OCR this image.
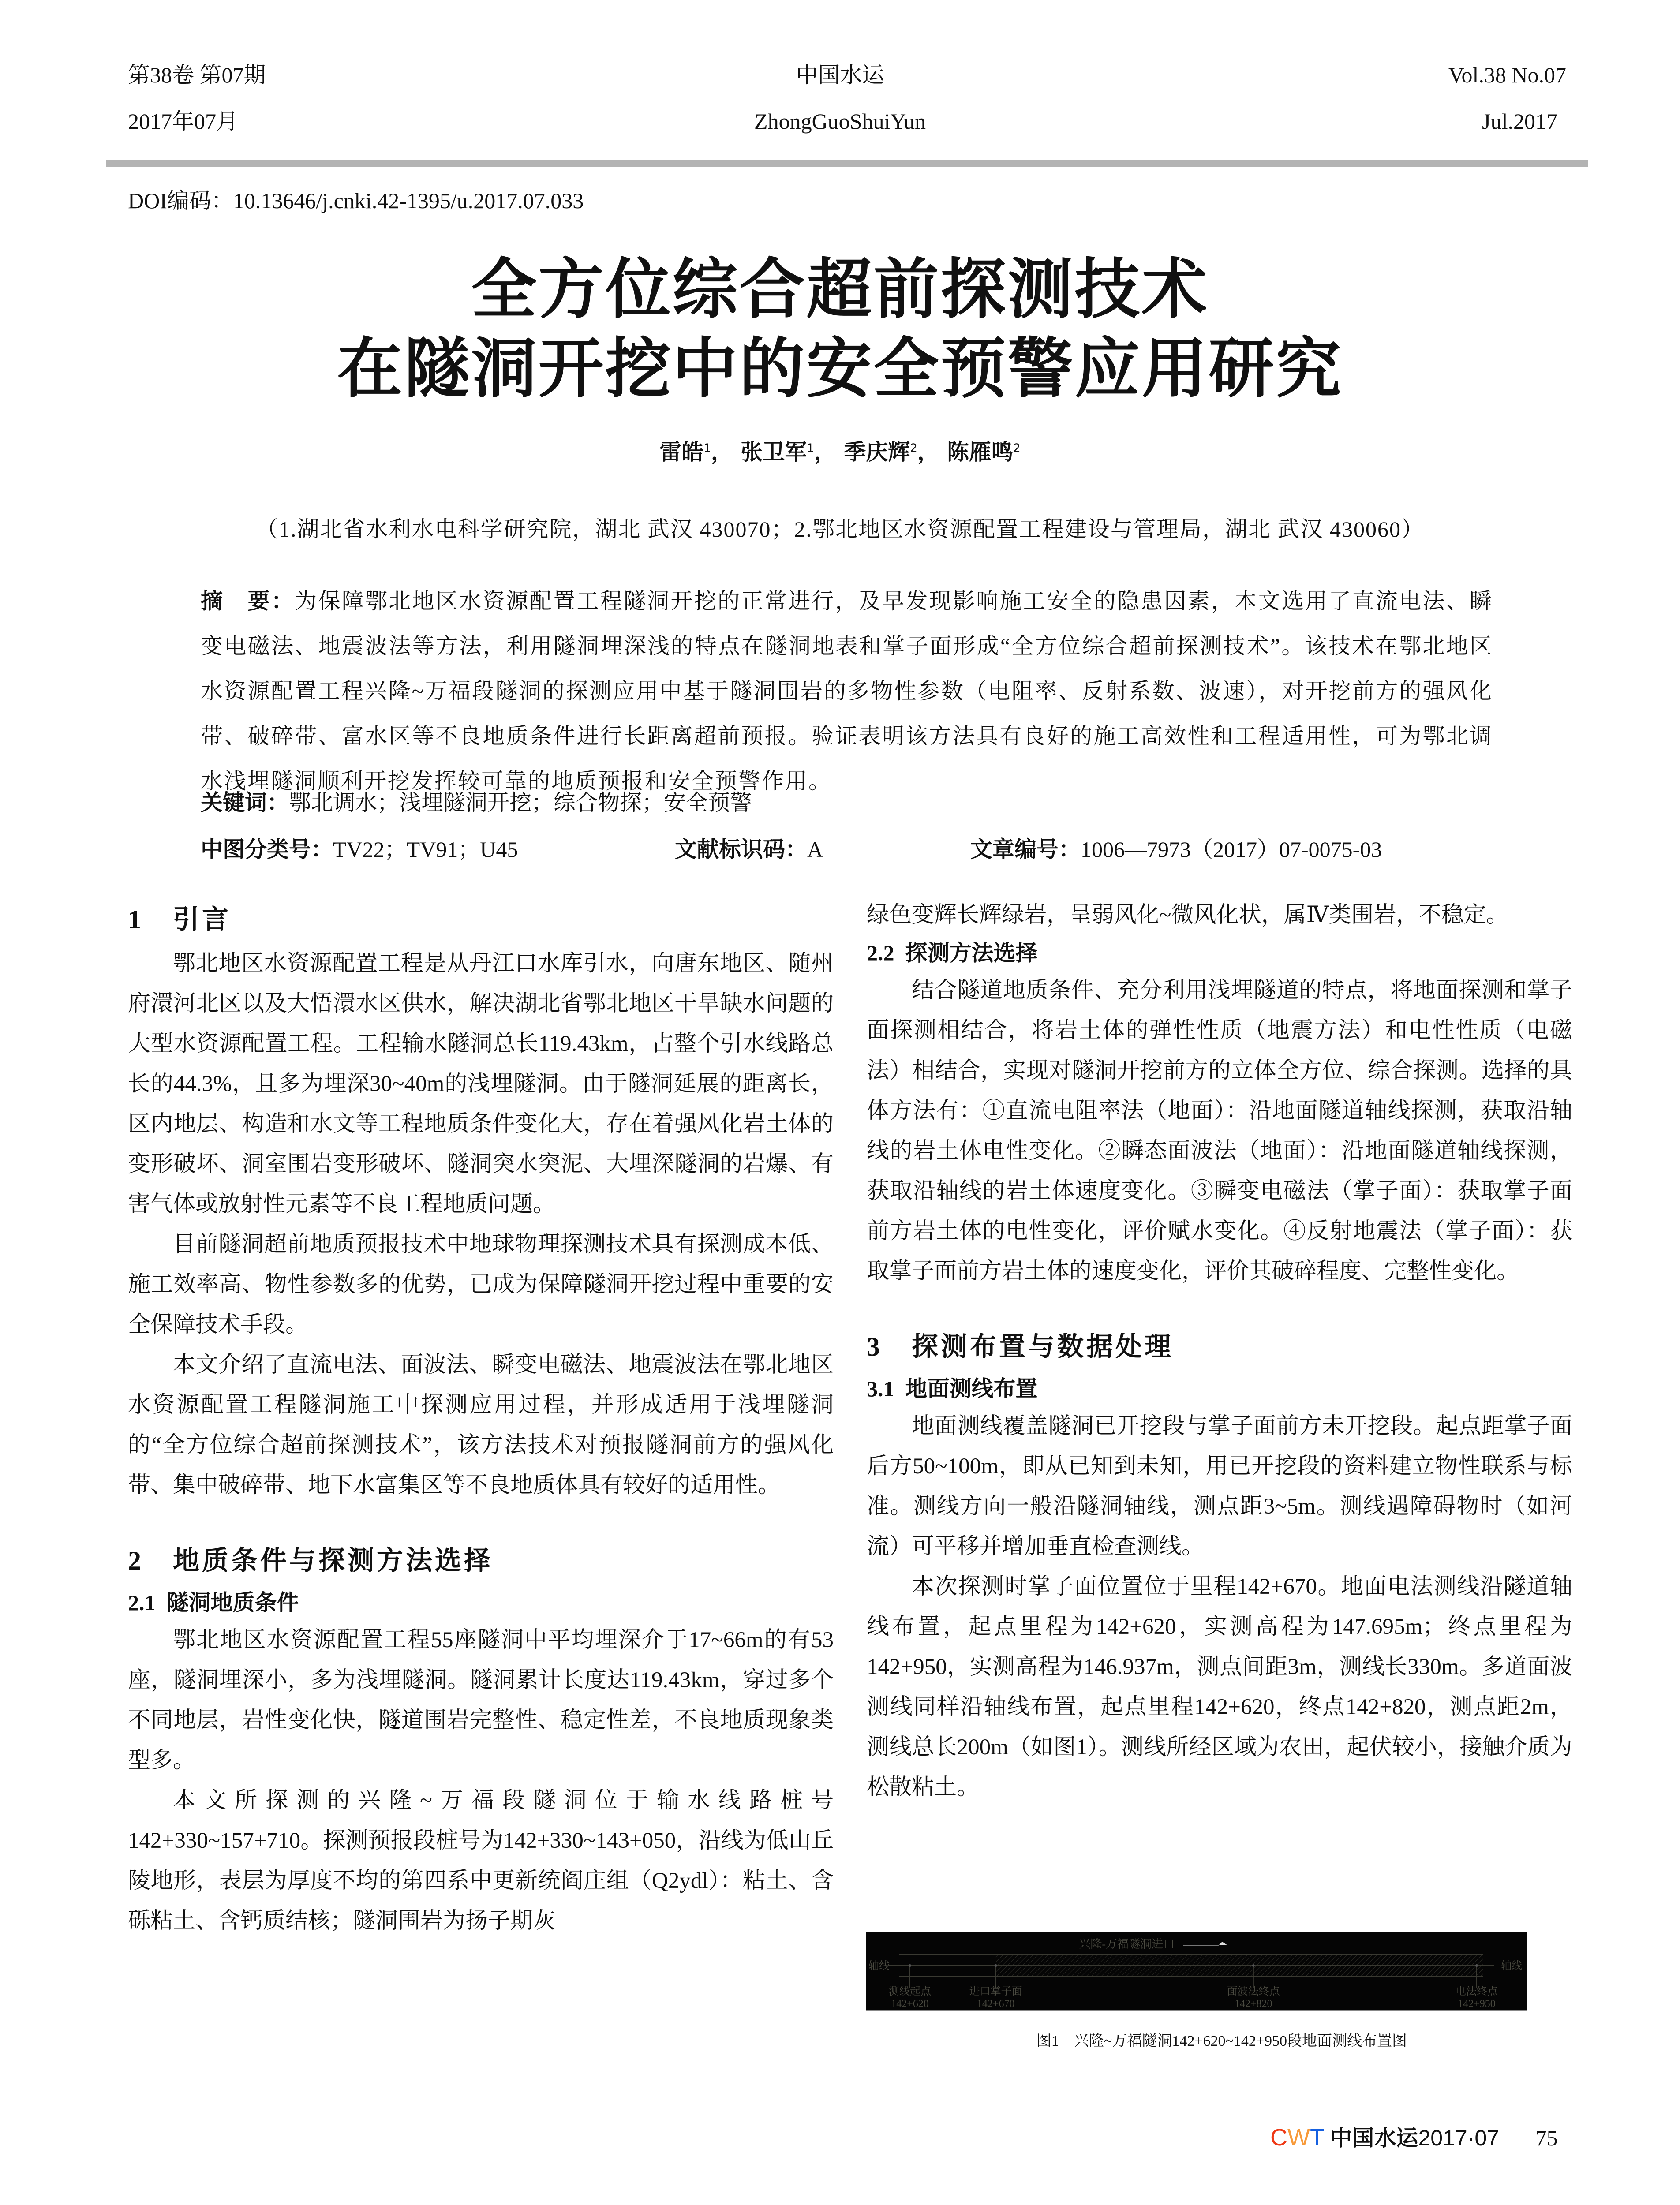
第38卷 第07期
2017年07月
中国水运
ZhongGuoShuiYun
Vol.38 No.07
Jul.2017
DOI编码：10.13646/j.cnki.42-1395/u.2017.07.033
全方位综合超前探测技术
在隧洞开挖中的安全预警应用研究
雷皓$^1$， 张卫军$^1$， 季庆辉$^2$， 陈雁鸣$^2$
（1.湖北省水利水电科学研究院，湖北 武汉 430070；2.鄂北地区水资源配置工程建设与管理局，湖北 武汉 430060）
摘　要：为保障鄂北地区水资源配置工程隧洞开挖的正常进行，及早发现影响施工安全的隐患因素，本文选用了直流电法、瞬变电磁法、地震波法等方法，利用隧洞埋深浅的特点在隧洞地表和掌子面形成“全方位综合超前探测技术”。该技术在鄂北地区水资源配置工程兴隆~万福段隧洞的探测应用中基于隧洞围岩的多物性参数（电阻率、反射系数、波速），对开挖前方的强风化带、破碎带、富水区等不良地质条件进行长距离超前预报。验证表明该方法具有良好的施工高效性和工程适用性，可为鄂北调水浅埋隧洞顺利开挖发挥较可靠的地质预报和安全预警作用。
关键词：鄂北调水；浅埋隧洞开挖；综合物探；安全预警
中图分类号：TV22；TV91；U45	文献标识码：A	文章编号：1006—7973（2017）07-0075-03
1　引言

鄂北地区水资源配置工程是从丹江口水库引水，向唐东地区、随州府澴河北区以及大悟澴水区供水，解决湖北省鄂北地区干旱缺水问题的大型水资源配置工程。工程输水隧洞总长119.43km，占整个引水线路总长的44.3%，且多为埋深30~40m的浅埋隧洞。由于隧洞延展的距离长，区内地层、构造和水文等工程地质条件变化大，存在着强风化岩土体的变形破坏、洞室围岩变形破坏、隧洞突水突泥、大埋深隧洞的岩爆、有害气体或放射性元素等不良工程地质问题。

目前隧洞超前地质预报技术中地球物理探测技术具有探测成本低、施工效率高、物性参数多的优势，已成为保障隧洞开挖过程中重要的安全保障技术手段。

本文介绍了直流电法、面波法、瞬变电磁法、地震波法在鄂北地区水资源配置工程隧洞施工中探测应用过程，并形成适用于浅埋隧洞的“全方位综合超前探测技术”，该方法技术对预报隧洞前方的强风化带、集中破碎带、地下水富集区等不良地质体具有较好的适用性。

2　地质条件与探测方法选择
2.1 隧洞地质条件

鄂北地区水资源配置工程55座隧洞中平均埋深介于17~66m的有53座，隧洞埋深小，多为浅埋隧洞。隧洞累计长度达119.43km，穿过多个不同地层，岩性变化快，隧道围岩完整性、稳定性差，不良地质现象类型多。

本文所探测的兴隆~万福段隧洞位于输水线路桩号142+330~157+710。探测预报段桩号为142+330~143+050，沿线为低山丘陵地形，表层为厚度不均的第四系中更新统阎庄组（Q2ydl）：粘土、含砾粘土、含钙质结核；隧洞围岩为扬子期灰

绿色变辉长辉绿岩，呈弱风化~微风化状，属Ⅳ类围岩，不稳定。

2.2 探测方法选择

结合隧道地质条件、充分利用浅埋隧道的特点，将地面探测和掌子面探测相结合，将岩土体的弹性性质（地震方法）和电性性质（电磁法）相结合，实现对隧洞开挖前方的立体全方位、综合探测。选择的具体方法有：①直流电阻率法（地面）：沿地面隧道轴线探测，获取沿轴线的岩土体电性变化。②瞬态面波法（地面）：沿地面隧道轴线探测，获取沿轴线的岩土体速度变化。③瞬变电磁法（掌子面）：获取掌子面前方岩土体的电性变化，评价赋水变化。④反射地震法（掌子面）：获取掌子面前方岩土体的速度变化，评价其破碎程度、完整性变化。

3　探测布置与数据处理
3.1 地面测线布置

地面测线覆盖隧洞已开挖段与掌子面前方未开挖段。起点距掌子面后方50~100m，即从已知到未知，用已开挖段的资料建立物性联系与标准。测线方向一般沿隧洞轴线，测点距3~5m。测线遇障碍物时（如河流）可平移并增加垂直检查测线。

本次探测时掌子面位置位于里程142+670。地面电法测线沿隧道轴线布置，起点里程为142+620，实测高程为147.695m；终点里程为142+950，实测高程为146.937m，测点间距3m，测线长330m。多道面波测线同样沿轴线布置，起点里程142+620，终点142+820，测点距2m，测线总长200m（如图1）。测线所经区域为农田，起伏较小，接触介质为松散粘土。

兴隆-万福隧洞进口
轴线	轴线
测线起点
142+620
进口掌子面
142+670
面波法终点
142+820
电法终点
142+950
图1　兴隆~万福隧洞142+620~142+950段地面测线布置图
CWT 中国水运2017·07 75
